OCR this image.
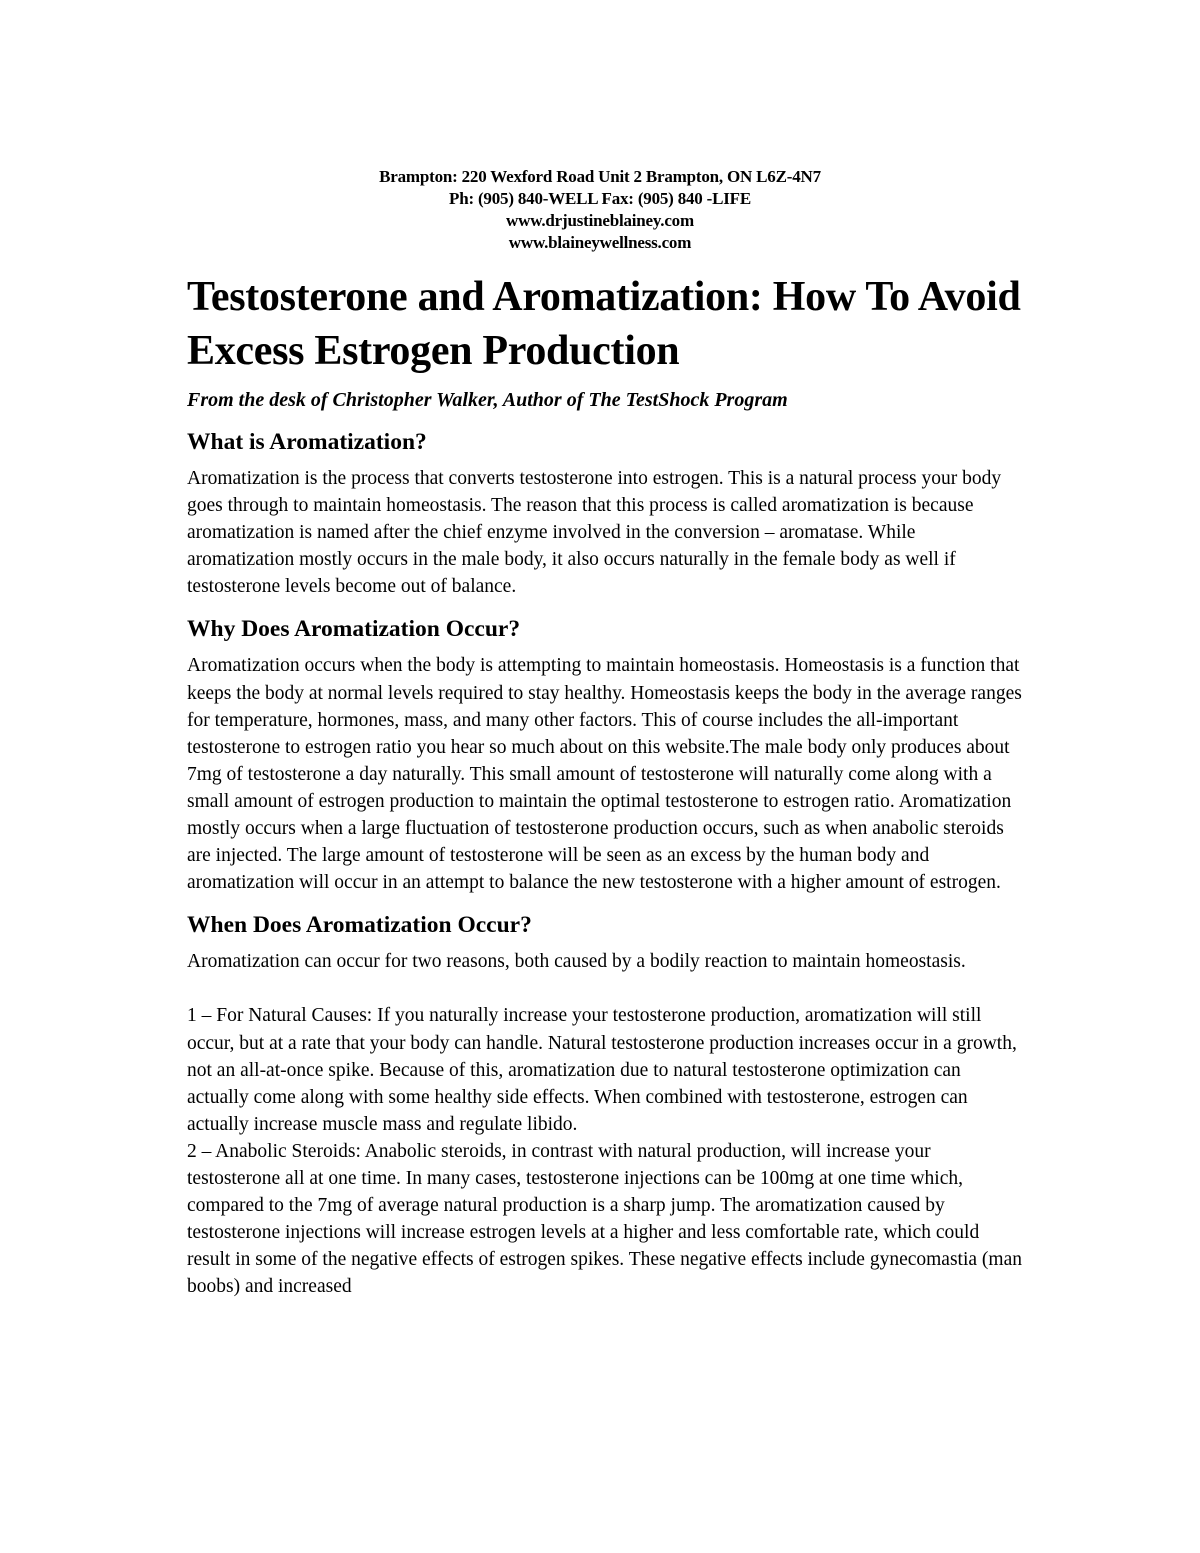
Brampton: 220 Wexford Road Unit 2 Brampton, ON L6Z-4N7
Ph: (905) 840-WELL Fax: (905) 840 -LIFE
www.drjustineblainey.com
www.blaineywellness.com
Testosterone and Aromatization: How To Avoid Excess Estrogen Production
From the desk of Christopher Walker, Author of The TestShock Program
What is Aromatization?

Aromatization is the process that converts testosterone into estrogen. This is a natural process your body goes through to maintain homeostasis. The reason that this process is called aromatization is because aromatization is named after the chief enzyme involved in the conversion – aromatase. While aromatization mostly occurs in the male body, it also occurs naturally in the female body as well if testosterone levels become out of balance.

Why Does Aromatization Occur?

Aromatization occurs when the body is attempting to maintain homeostasis. Homeostasis is a function that keeps the body at normal levels required to stay healthy. Homeostasis keeps the body in the average ranges for temperature, hormones, mass, and many other factors. This of course includes the all-important testosterone to estrogen ratio you hear so much about on this website.The male body only produces about 7mg of testosterone a day naturally. This small amount of testosterone will naturally come along with a small amount of estrogen production to maintain the optimal testosterone to estrogen ratio. Aromatization mostly occurs when a large fluctuation of testosterone production occurs, such as when anabolic steroids are injected. The large amount of testosterone will be seen as an excess by the human body and aromatization will occur in an attempt to balance the new testosterone with a higher amount of estrogen.

When Does Aromatization Occur?

Aromatization can occur for two reasons, both caused by a bodily reaction to maintain homeostasis.

1 – For Natural Causes: If you naturally increase your testosterone production, aromatization will still occur, but at a rate that your body can handle. Natural testosterone production increases occur in a growth, not an all-at-once spike. Because of this, aromatization due to natural testosterone optimization can actually come along with some healthy side effects. When combined with testosterone, estrogen can actually increase muscle mass and regulate libido.

2 – Anabolic Steroids: Anabolic steroids, in contrast with natural production, will increase your testosterone all at one time. In many cases, testosterone injections can be 100mg at one time which, compared to the 7mg of average natural production is a sharp jump. The aromatization caused by testosterone injections will increase estrogen levels at a higher and less comfortable rate, which could result in some of the negative effects of estrogen spikes. These negative effects include gynecomastia (man boobs) and increased
